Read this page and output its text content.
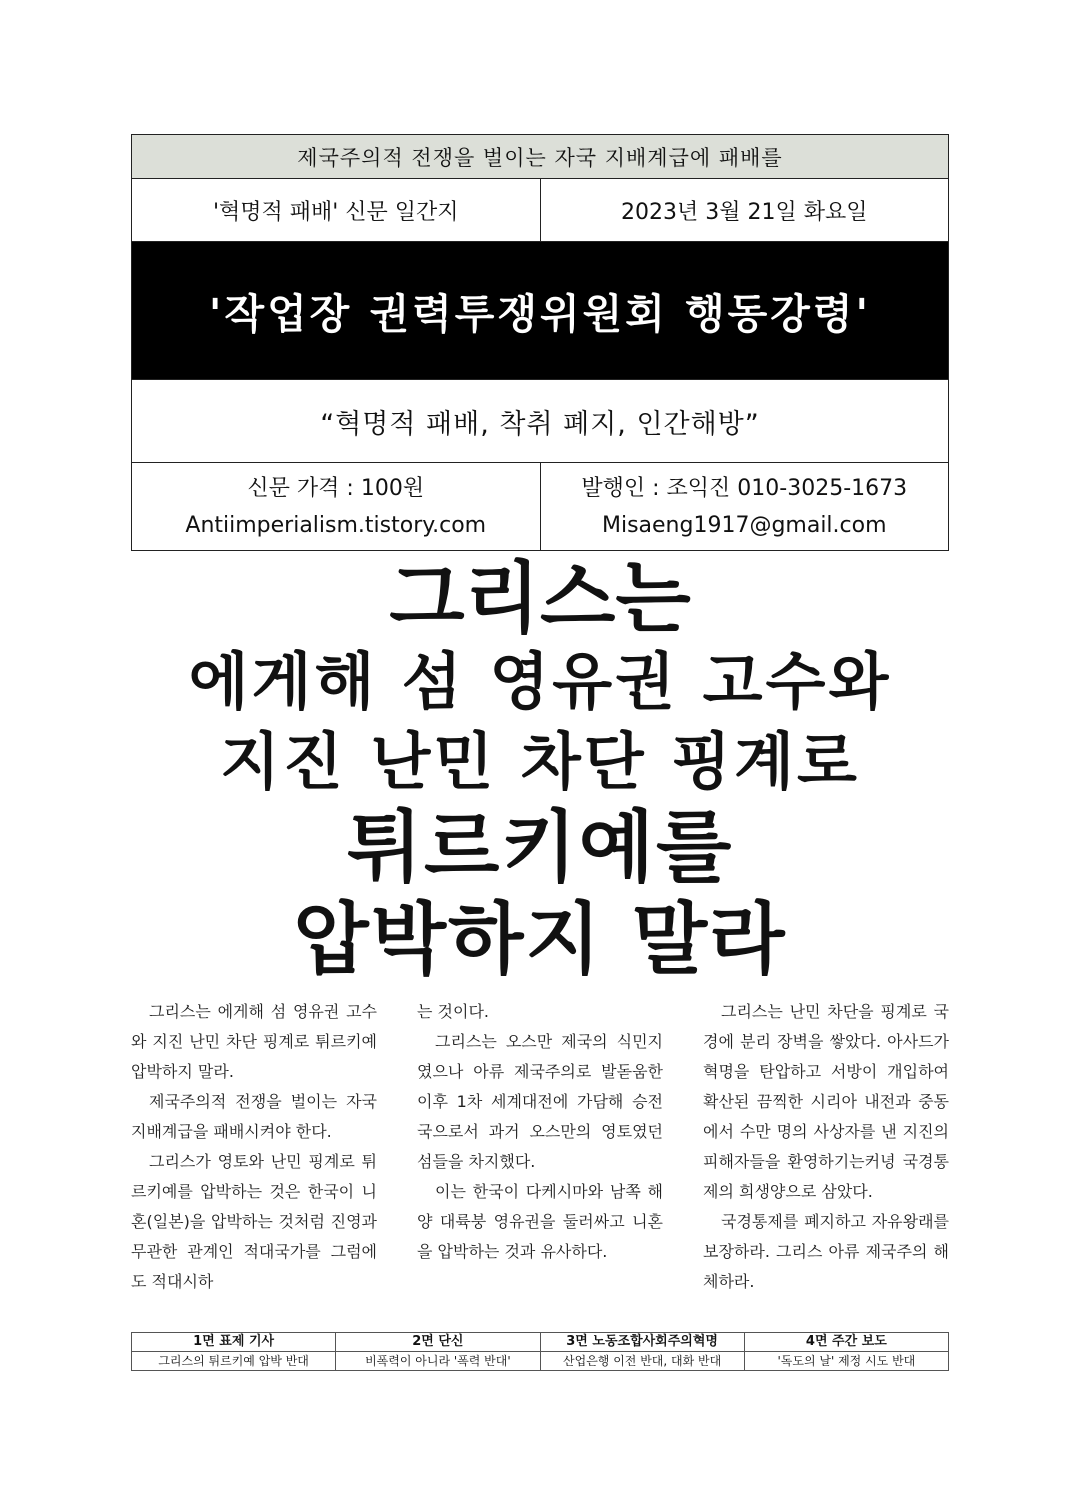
제국주의적 전쟁을 벌이는 자국 지배계급에 패배를
'혁명적 패배' 신문 일간지	2023년 3월 21일 화요일
'작업장 권력투쟁위원회 행동강령'
“혁명적 패배, 착취 폐지, 인간해방”
신문 가격 : 100원
Antiimperialism.tistory.com
발행인 : 조익진 010-3025-1673
Misaeng1917@gmail.com
그리스는
에게해 섬 영유권 고수와
지진 난민 차단 핑계로
튀르키예를
압박하지 말라

그리스는 에게해 섬 영유권 고수와 지진 난민 차단 핑계로 튀르키예 압박하지 말라.

제국주의적 전쟁을 벌이는 자국 지배계급을 패배시켜야 한다.

그리스가 영토와 난민 핑계로 튀르키예를 압박하는 것은 한국이 니혼(일본)을 압박하는 것처럼 진영과 무관한 관계인 적대국가를 그럼에도 적대시하

는 것이다.

그리스는 오스만 제국의 식민지였으나 아류 제국주의로 발돋움한 이후 1차 세계대전에 가담해 승전국으로서 과거 오스만의 영토였던 섬들을 차지했다.

이는 한국이 다케시마와 남쪽 해양 대륙붕 영유권을 둘러싸고 니혼을 압박하는 것과 유사하다.

그리스는 난민 차단을 핑계로 국경에 분리 장벽을 쌓았다. 아사드가 혁명을 탄압하고 서방이 개입하여 확산된 끔찍한 시리아 내전과 중동에서 수만 명의 사상자를 낸 지진의 피해자들을 환영하기는커녕 국경통제의 희생양으로 삼았다.

국경통제를 폐지하고 자유왕래를 보장하라. 그리스 아류 제국주의 해체하라.

1면 표제 기사	2면 단신	3면 노동조합사회주의혁명	4면 주간 보도
그리스의 튀르키예 압박 반대	비폭력이 아니라 '폭력 반대'	산업은행 이전 반대, 대화 반대	'독도의 날' 제정 시도 반대
